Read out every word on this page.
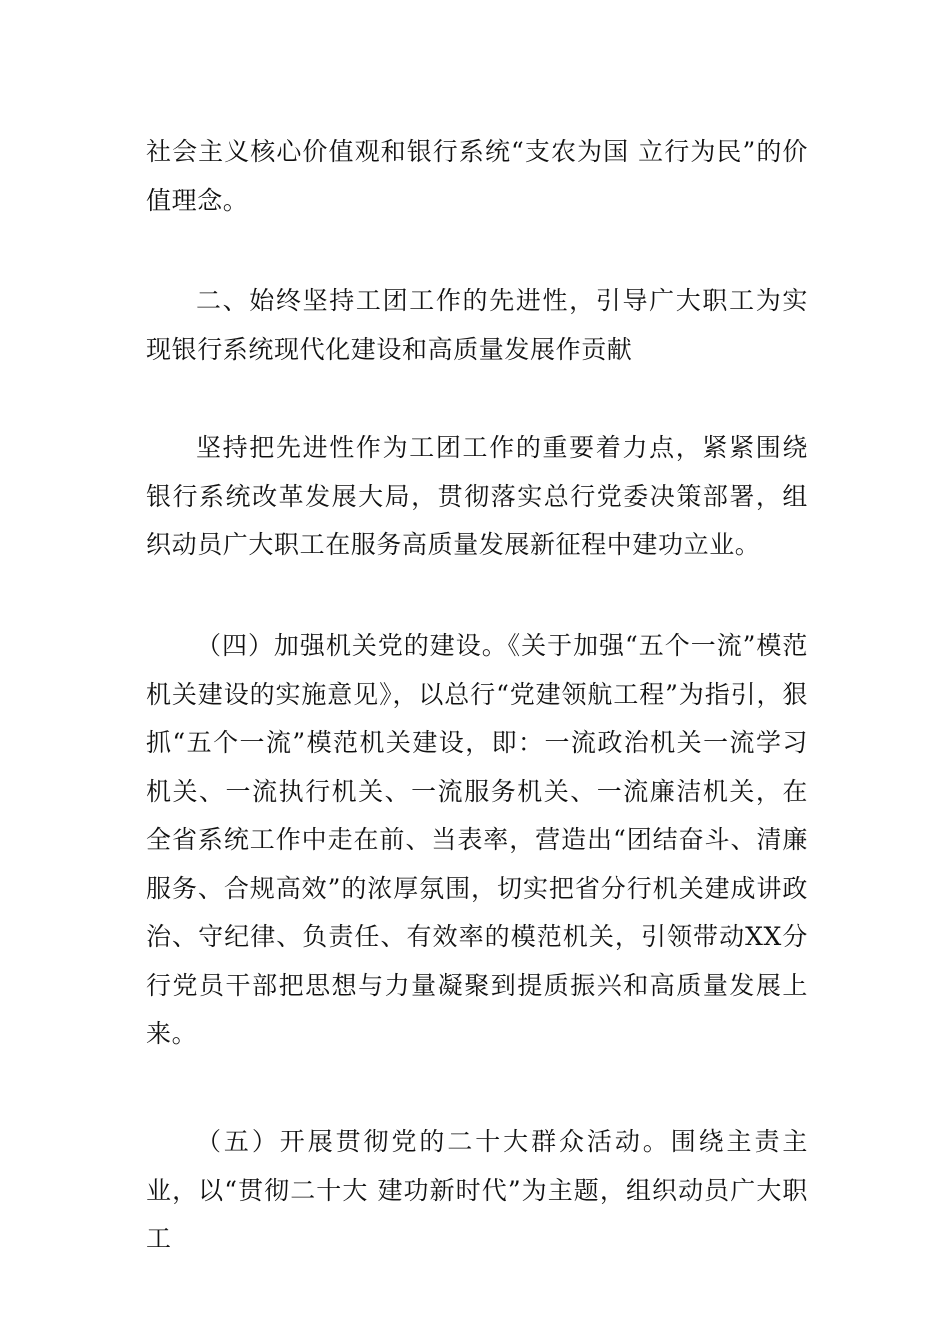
社会主义核心价值观和银行系统“支农为国 立行为民”的价值理念。

二、始终坚持工团工作的先进性，引导广大职工为实现银行系统现代化建设和高质量发展作贡献

坚持把先进性作为工团工作的重要着力点，紧紧围绕银行系统改革发展大局，贯彻落实总行党委决策部署，组织动员广大职工在服务高质量发展新征程中建功立业。

（四）加强机关党的建设。《关于加强“五个一流”模范机关建设的实施意见》，以总行“党建领航工程”为指引，狠抓“五个一流”模范机关建设，即：一流政治机关一流学习机关、一流执行机关、一流服务机关、一流廉洁机关，在全省系统工作中走在前、当表率，营造出“团结奋斗、清廉服务、合规高效”的浓厚氛围，切实把省分行机关建成讲政治、守纪律、负责任、有效率的模范机关，引领带动XX分行党员干部把思想与力量凝聚到提质振兴和高质量发展上来。

（五）开展贯彻党的二十大群众活动。围绕主责主业，以“贯彻二十大 建功新时代”为主题，组织动员广大职工
